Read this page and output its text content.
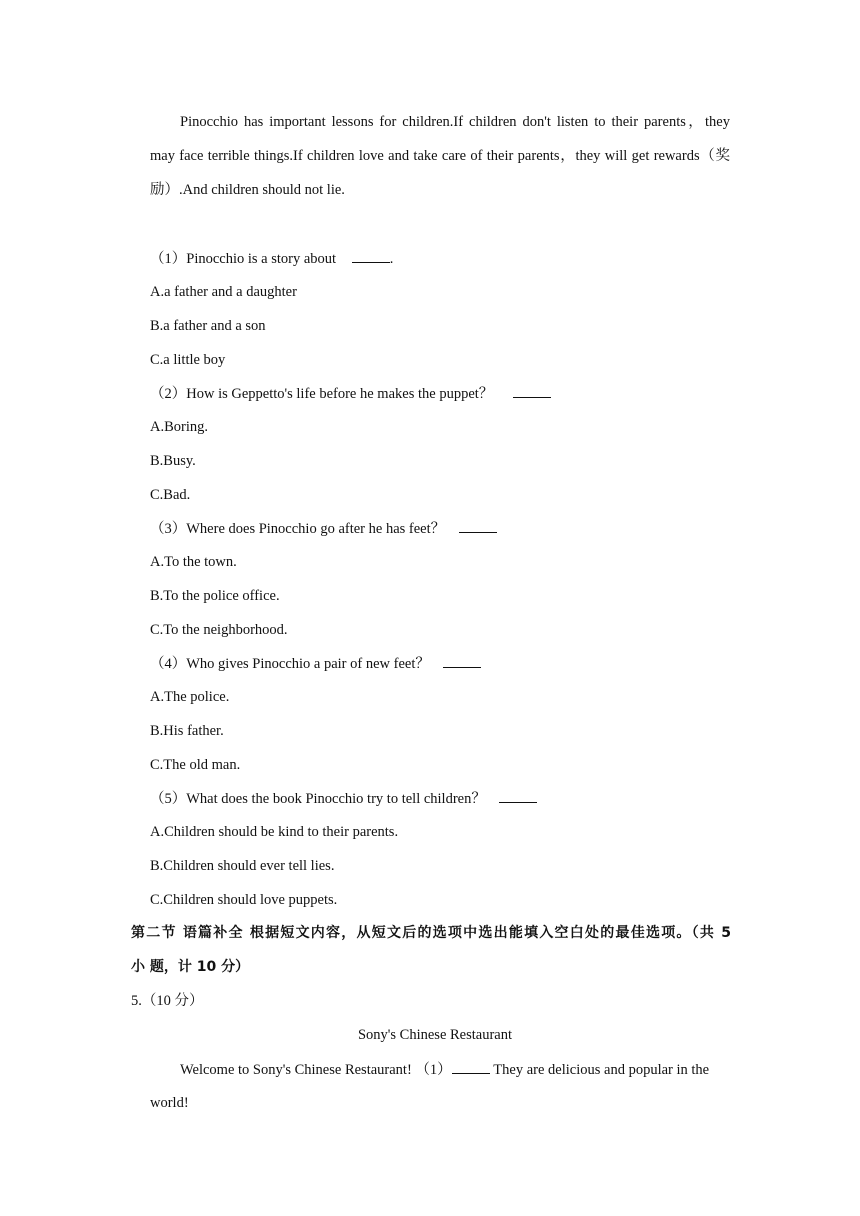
Pinocchio has important lessons for children.If children don't listen to their parents，they
may face terrible things.If children love and take care of their parents，they will get rewards（奖
励）.And children should not lie.
（1）Pinocchio is a story about	.
A.a father and a daughter
B.a father and a son
C.a little boy
（2）How is Geppetto's life before he makes the puppet？
A.Boring.
B.Busy.
C.Bad.
（3）Where does Pinocchio go after he has feet？
A.To the town.
B.To the police office.
C.To the neighborhood.
（4）Who gives Pinocchio a pair of new feet？
A.The police.
B.His father.
C.The old man.
（5）What does the book Pinocchio try to tell children？
A.Children should be kind to their parents.
B.Children should ever tell lies.
C.Children should love puppets.
第二节 语篇补全 根据短文内容，从短文后的选项中选出能填入空白处的最佳选项。（共 5
小 题，计 10 分）
5.（10 分）
Sony's Chinese Restaurant
Welcome to Sony's Chinese Restaurant! （1）	They are delicious and popular in the
world!
